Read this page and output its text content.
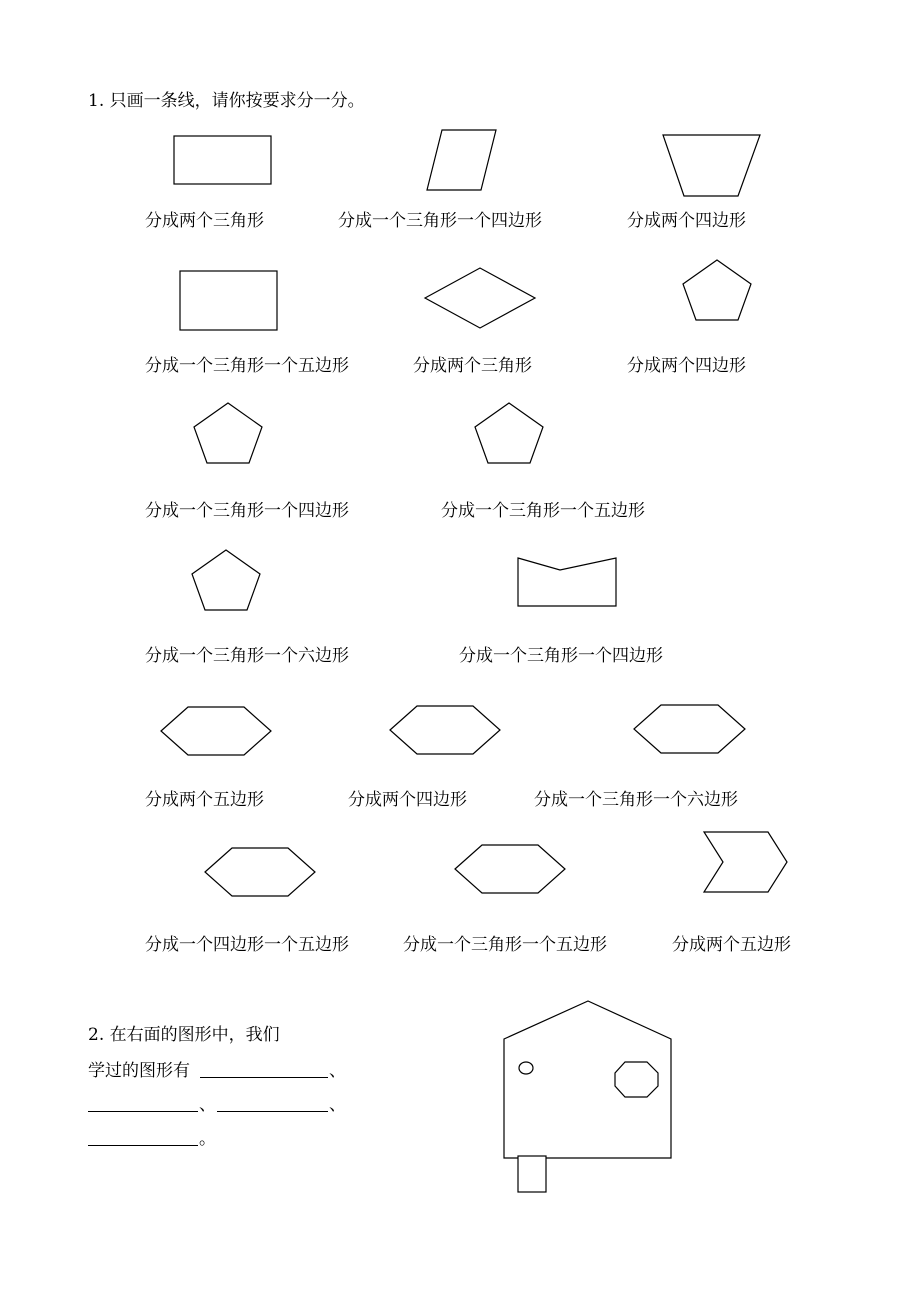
1. 只画一条线，请你按要求分一分。
分成两个三角形	分成一个三角形一个四边形	分成两个四边形
分成一个三角形一个五边形	分成两个三角形	分成两个四边形
分成一个三角形一个四边形	分成一个三角形一个五边形
分成一个三角形一个六边形	分成一个三角形一个四边形
分成两个五边形	分成两个四边形	分成一个三角形一个六边形
分成一个四边形一个五边形	分成一个三角形一个五边形	分成两个五边形
2. 在右面的图形中，我们
学过的图形有	、
、	、
。
